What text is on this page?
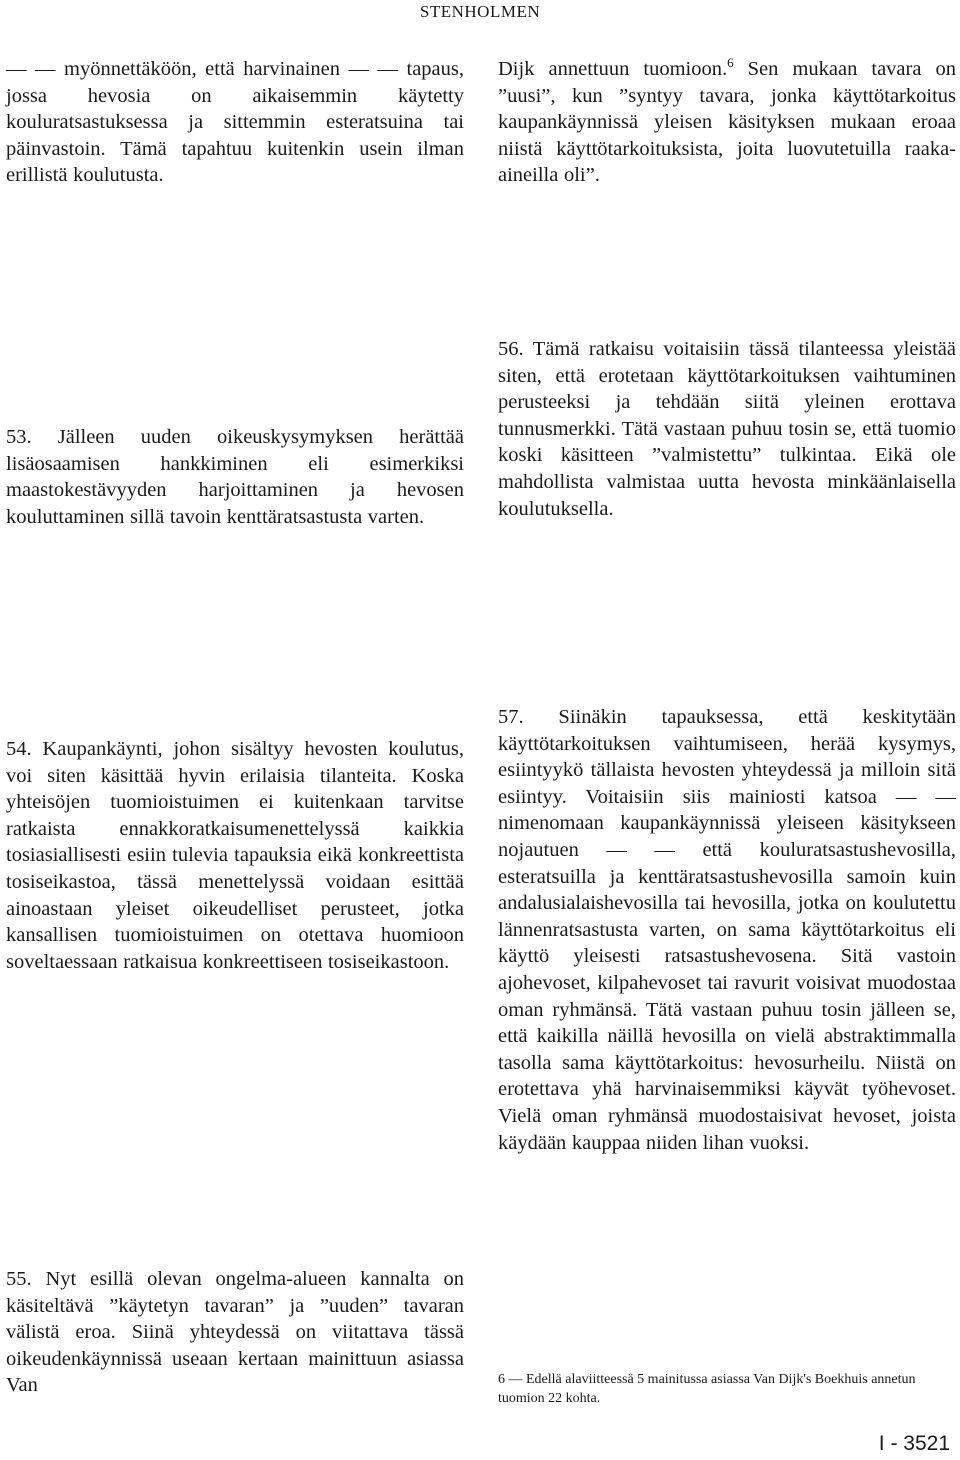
STENHOLMEN

— — myönnettäköön, että harvinainen — — tapaus, jossa hevosia on aikaisemmin käytetty kouluratsastuksessa ja sittemmin esteratsuina tai päinvastoin. Tämä tapahtuu kuitenkin usein ilman erillistä koulutusta.

53. Jälleen uuden oikeuskysymyksen herättää lisäosaamisen hankkiminen eli esimerkiksi maastokestävyyden harjoittaminen ja hevosen kouluttaminen sillä tavoin kenttäratsastusta varten.

54. Kaupankäynti, johon sisältyy hevosten koulutus, voi siten käsittää hyvin erilaisia tilanteita. Koska yhteisöjen tuomioistuimen ei kuitenkaan tarvitse ratkaista ennakkoratkaisumenettelyssä kaikkia tosiasiallisesti esiin tulevia tapauksia eikä konkreettista tosiseikastoa, tässä menettelyssä voidaan esittää ainoastaan yleiset oikeudelliset perusteet, jotka kansallisen tuomioistuimen on otettava huomioon soveltaessaan ratkaisua konkreettiseen tosiseikastoon.

55. Nyt esillä olevan ongelma-alueen kannalta on käsiteltävä ”käytetyn tavaran” ja ”uuden” tavaran välistä eroa. Siinä yhteydessä on viitattava tässä oikeudenkäynnissä useaan kertaan mainittuun asiassa Van

Dijk annettuun tuomioon.$^6$ Sen mukaan tavara on ”uusi”, kun ”syntyy tavara, jonka käyttötarkoitus kaupankäynnissä yleisen käsityksen mukaan eroaa niistä käyttötarkoituksista, joita luovutetuilla raaka-aineilla oli”.

56. Tämä ratkaisu voitaisiin tässä tilanteessa yleistää siten, että erotetaan käyttötarkoituksen vaihtuminen perusteeksi ja tehdään siitä yleinen erottava tunnusmerkki. Tätä vastaan puhuu tosin se, että tuomio koski käsitteen ”valmistettu” tulkintaa. Eikä ole mahdollista valmistaa uutta hevosta minkäänlaisella koulutuksella.

57. Siinäkin tapauksessa, että keskitytään käyttötarkoituksen vaihtumiseen, herää kysymys, esiintyykö tällaista hevosten yhteydessä ja milloin sitä esiintyy. Voitaisiin siis mainiosti katsoa — — nimenomaan kaupankäynnissä yleiseen käsitykseen nojautuen — — että kouluratsastushevosilla, esteratsuilla ja kenttäratsastushevosilla samoin kuin andalusialaishevosilla tai hevosilla, jotka on koulutettu lännenratsastusta varten, on sama käyttötarkoitus eli käyttö yleisesti ratsastushevosena. Sitä vastoin ajohevoset, kilpahevoset tai ravurit voisivat muodostaa oman ryhmänsä. Tätä vastaan puhuu tosin jälleen se, että kaikilla näillä hevosilla on vielä abstraktimmalla tasolla sama käyttötarkoitus: hevosurheilu. Niistä on erotettava yhä harvinaisemmiksi käyvät työhevoset. Vielä oman ryhmänsä muodostaisivat hevoset, joista käydään kauppaa niiden lihan vuoksi.

6 — Edellä alaviitteessä 5 mainitussa asiassa Van Dijk's Boekhuis annetun tuomion 22 kohta.
I - 3521
